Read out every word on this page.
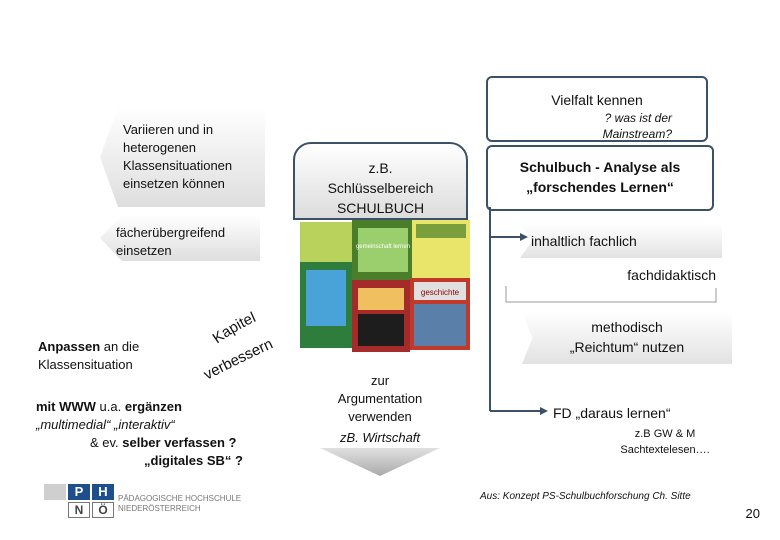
Variieren und in
heterogenen
Klassensituationen
einsetzen können
fächerübergreifend
einsetzen
Anpassen an die
Klassensituation
Kapitel
verbessern
mit WWW u.a. ergänzen
„multimedial“ „interaktiv“
& ev. selber verfassen ?
„digitales SB“ ?
z.B.
Schlüsselbereich
SCHULBUCH
geschichte
gemeinschaft lernen
zur
Argumentation
verwenden
zB. Wirtschaft
Vielfalt kennen
? was ist der
Mainstream?
Schulbuch - Analyse als
„forschendes Lernen“
inhaltlich fachlich
fachdidaktisch
methodisch
„Reichtum“ nutzen
FD „daraus lernen“
z.B GW & M
Sachtextelesen….
Aus: Konzept PS-Schulbuchforschung Ch. Sitte
P	H
N	Ö
PÄDAGOGISCHE HOCHSCHULE
NIEDERÖSTERREICH	20
